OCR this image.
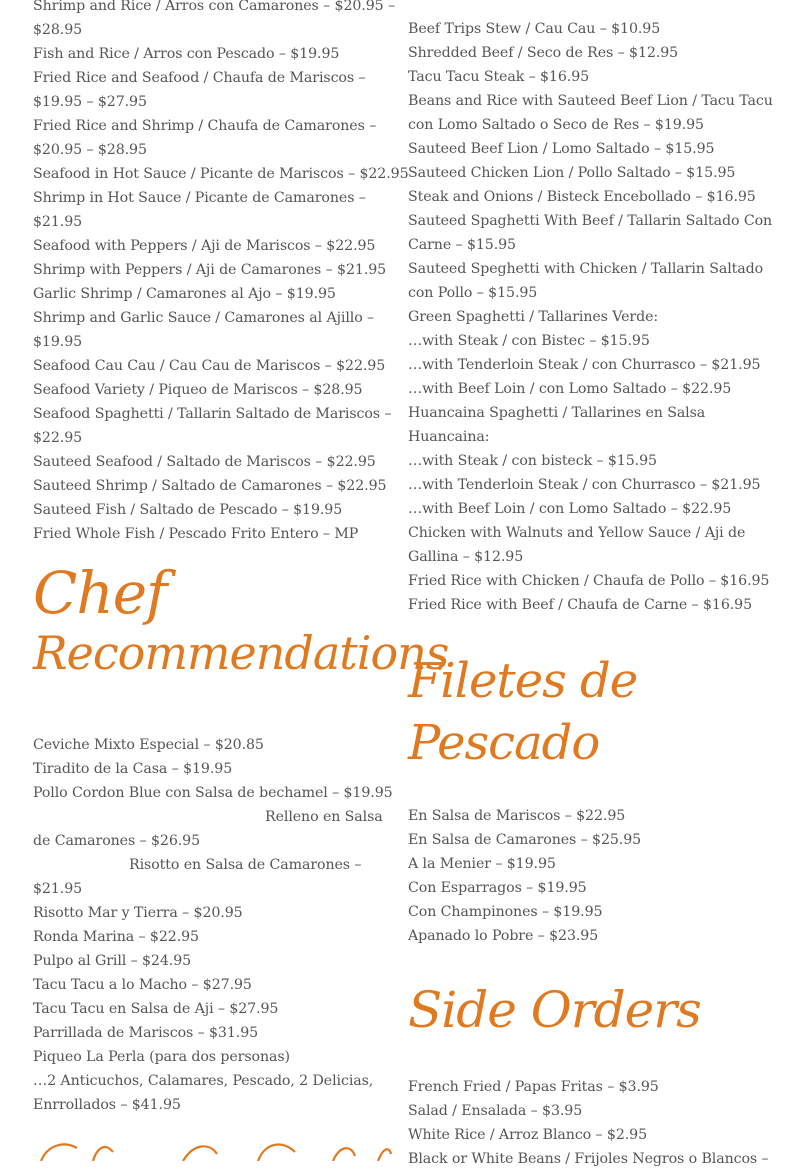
Shrimp and Rice / Arros con Camarones – $20.95 –
$28.95
Fish and Rice / Arros con Pescado – $19.95
Fried Rice and Seafood / Chaufa de Mariscos –
$19.95 – $27.95
Fried Rice and Shrimp / Chaufa de Camarones –
$20.95 – $28.95
Seafood in Hot Sauce / Picante de Mariscos – $22.95
Shrimp in Hot Sauce / Picante de Camarones –
$21.95
Seafood with Peppers / Aji de Mariscos – $22.95
Shrimp with Peppers / Aji de Camarones – $21.95
Garlic Shrimp / Camarones al Ajo – $19.95
Shrimp and Garlic Sauce / Camarones al Ajillo –
$19.95
Seafood Cau Cau / Cau Cau de Mariscos – $22.95
Seafood Variety / Piqueo de Mariscos – $28.95
Seafood Spaghetti / Tallarin Saltado de Mariscos –
$22.95
Sauteed Seafood / Saltado de Mariscos – $22.95
Sauteed Shrimp / Saltado de Camarones – $22.95
Sauteed Fish / Saltado de Pescado – $19.95
Fried Whole Fish / Pescado Frito Entero – MP
Chef
Recommendations
Ceviche Mixto Especial – $20.85
Tiradito de la Casa – $19.95
Pollo Cordon Blue con Salsa de bechamel – $19.95
Relleno en Salsa
de Camarones – $26.95
Risotto en Salsa de Camarones –
$21.95
Risotto Mar y Tierra – $20.95
Ronda Marina – $22.95
Pulpo al Grill – $24.95
Tacu Tacu a lo Macho – $27.95
Tacu Tacu en Salsa de Aji – $27.95
Parrillada de Mariscos – $31.95
Piqueo La Perla (para dos personas)
…2 Anticuchos, Calamares, Pescado, 2 Delicias,
Enrrollados – $41.95
Beef Trips Stew / Cau Cau – $10.95
Shredded Beef / Seco de Res – $12.95
Tacu Tacu Steak – $16.95
Beans and Rice with Sauteed Beef Lion / Tacu Tacu
con Lomo Saltado o Seco de Res – $19.95
Sauteed Beef Lion / Lomo Saltado – $15.95
Sauteed Chicken Lion / Pollo Saltado – $15.95
Steak and Onions / Bisteck Encebollado – $16.95
Sauteed Spaghetti With Beef / Tallarin Saltado Con
Carne – $15.95
Sauteed Speghetti with Chicken / Tallarin Saltado
con Pollo – $15.95
Green Spaghetti / Tallarines Verde:
…with Steak / con Bistec – $15.95
…with Tenderloin Steak / con Churrasco – $21.95
…with Beef Loin / con Lomo Saltado – $22.95
Huancaina Spaghetti / Tallarines en Salsa
Huancaina:
…with Steak / con bisteck – $15.95
…with Tenderloin Steak / con Churrasco – $21.95
…with Beef Loin / con Lomo Saltado – $22.95
Chicken with Walnuts and Yellow Sauce / Aji de
Gallina – $12.95
Fried Rice with Chicken / Chaufa de Pollo – $16.95
Fried Rice with Beef / Chaufa de Carne – $16.95
Filetes de
Pescado
En Salsa de Mariscos – $22.95
En Salsa de Camarones – $25.95
A la Menier – $19.95
Con Esparragos – $19.95
Con Champinones – $19.95
Apanado lo Pobre – $23.95
Side Orders
French Fried / Papas Fritas – $3.95
Salad / Ensalada – $3.95
White Rice / Arroz Blanco – $2.95
Black or White Beans / Frijoles Negros o Blancos –
